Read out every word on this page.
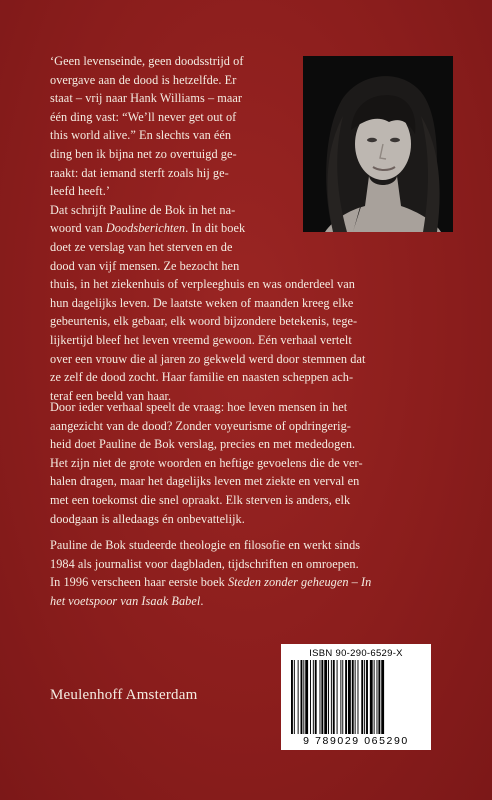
‘Geen levenseinde, geen doodsstrijd of
overgave aan de dood is hetzelfde. Er
staat – vrij naar Hank Williams – maar
één ding vast: “We’ll never get out of
this world alive.” En slechts van één
ding ben ik bijna net zo overtuigd ge-
raakt: dat iemand sterft zoals hij ge-
leefd heeft.’
Dat schrijft Pauline de Bok in het na-
woord van Doodsberichten. In dit boek
doet ze verslag van het sterven en de
dood van vijf mensen. Ze bezocht hen
thuis, in het ziekenhuis of verpleeghuis en was onderdeel van
hun dagelijks leven. De laatste weken of maanden kreeg elke
gebeurtenis, elk gebaar, elk woord bijzondere betekenis, tege-
lijkertijd bleef het leven vreemd gewoon. Eén verhaal vertelt
over een vrouw die al jaren zo gekweld werd door stemmen dat
ze zelf de dood zocht. Haar familie en naasten scheppen ach-
teraf een beeld van haar.
Door ieder verhaal speelt de vraag: hoe leven mensen in het
aangezicht van de dood? Zonder voyeurisme of opdringerig-
heid doet Pauline de Bok verslag, precies en met mededogen.
Het zijn niet de grote woorden en heftige gevoelens die de ver-
halen dragen, maar het dagelijks leven met ziekte en verval en
met een toekomst die snel opraakt. Elk sterven is anders, elk
doodgaan is alledaags én onbevattelijk.
Pauline de Bok studeerde theologie en filosofie en werkt sinds
1984 als journalist voor dagbladen, tijdschriften en omroepen.
In 1996 verscheen haar eerste boek Steden zonder geheugen – In
het voetspoor van Isaak Babel.
Meulenhoff Amsterdam
ISBN 90-290-6529-X
9 789029 065290
